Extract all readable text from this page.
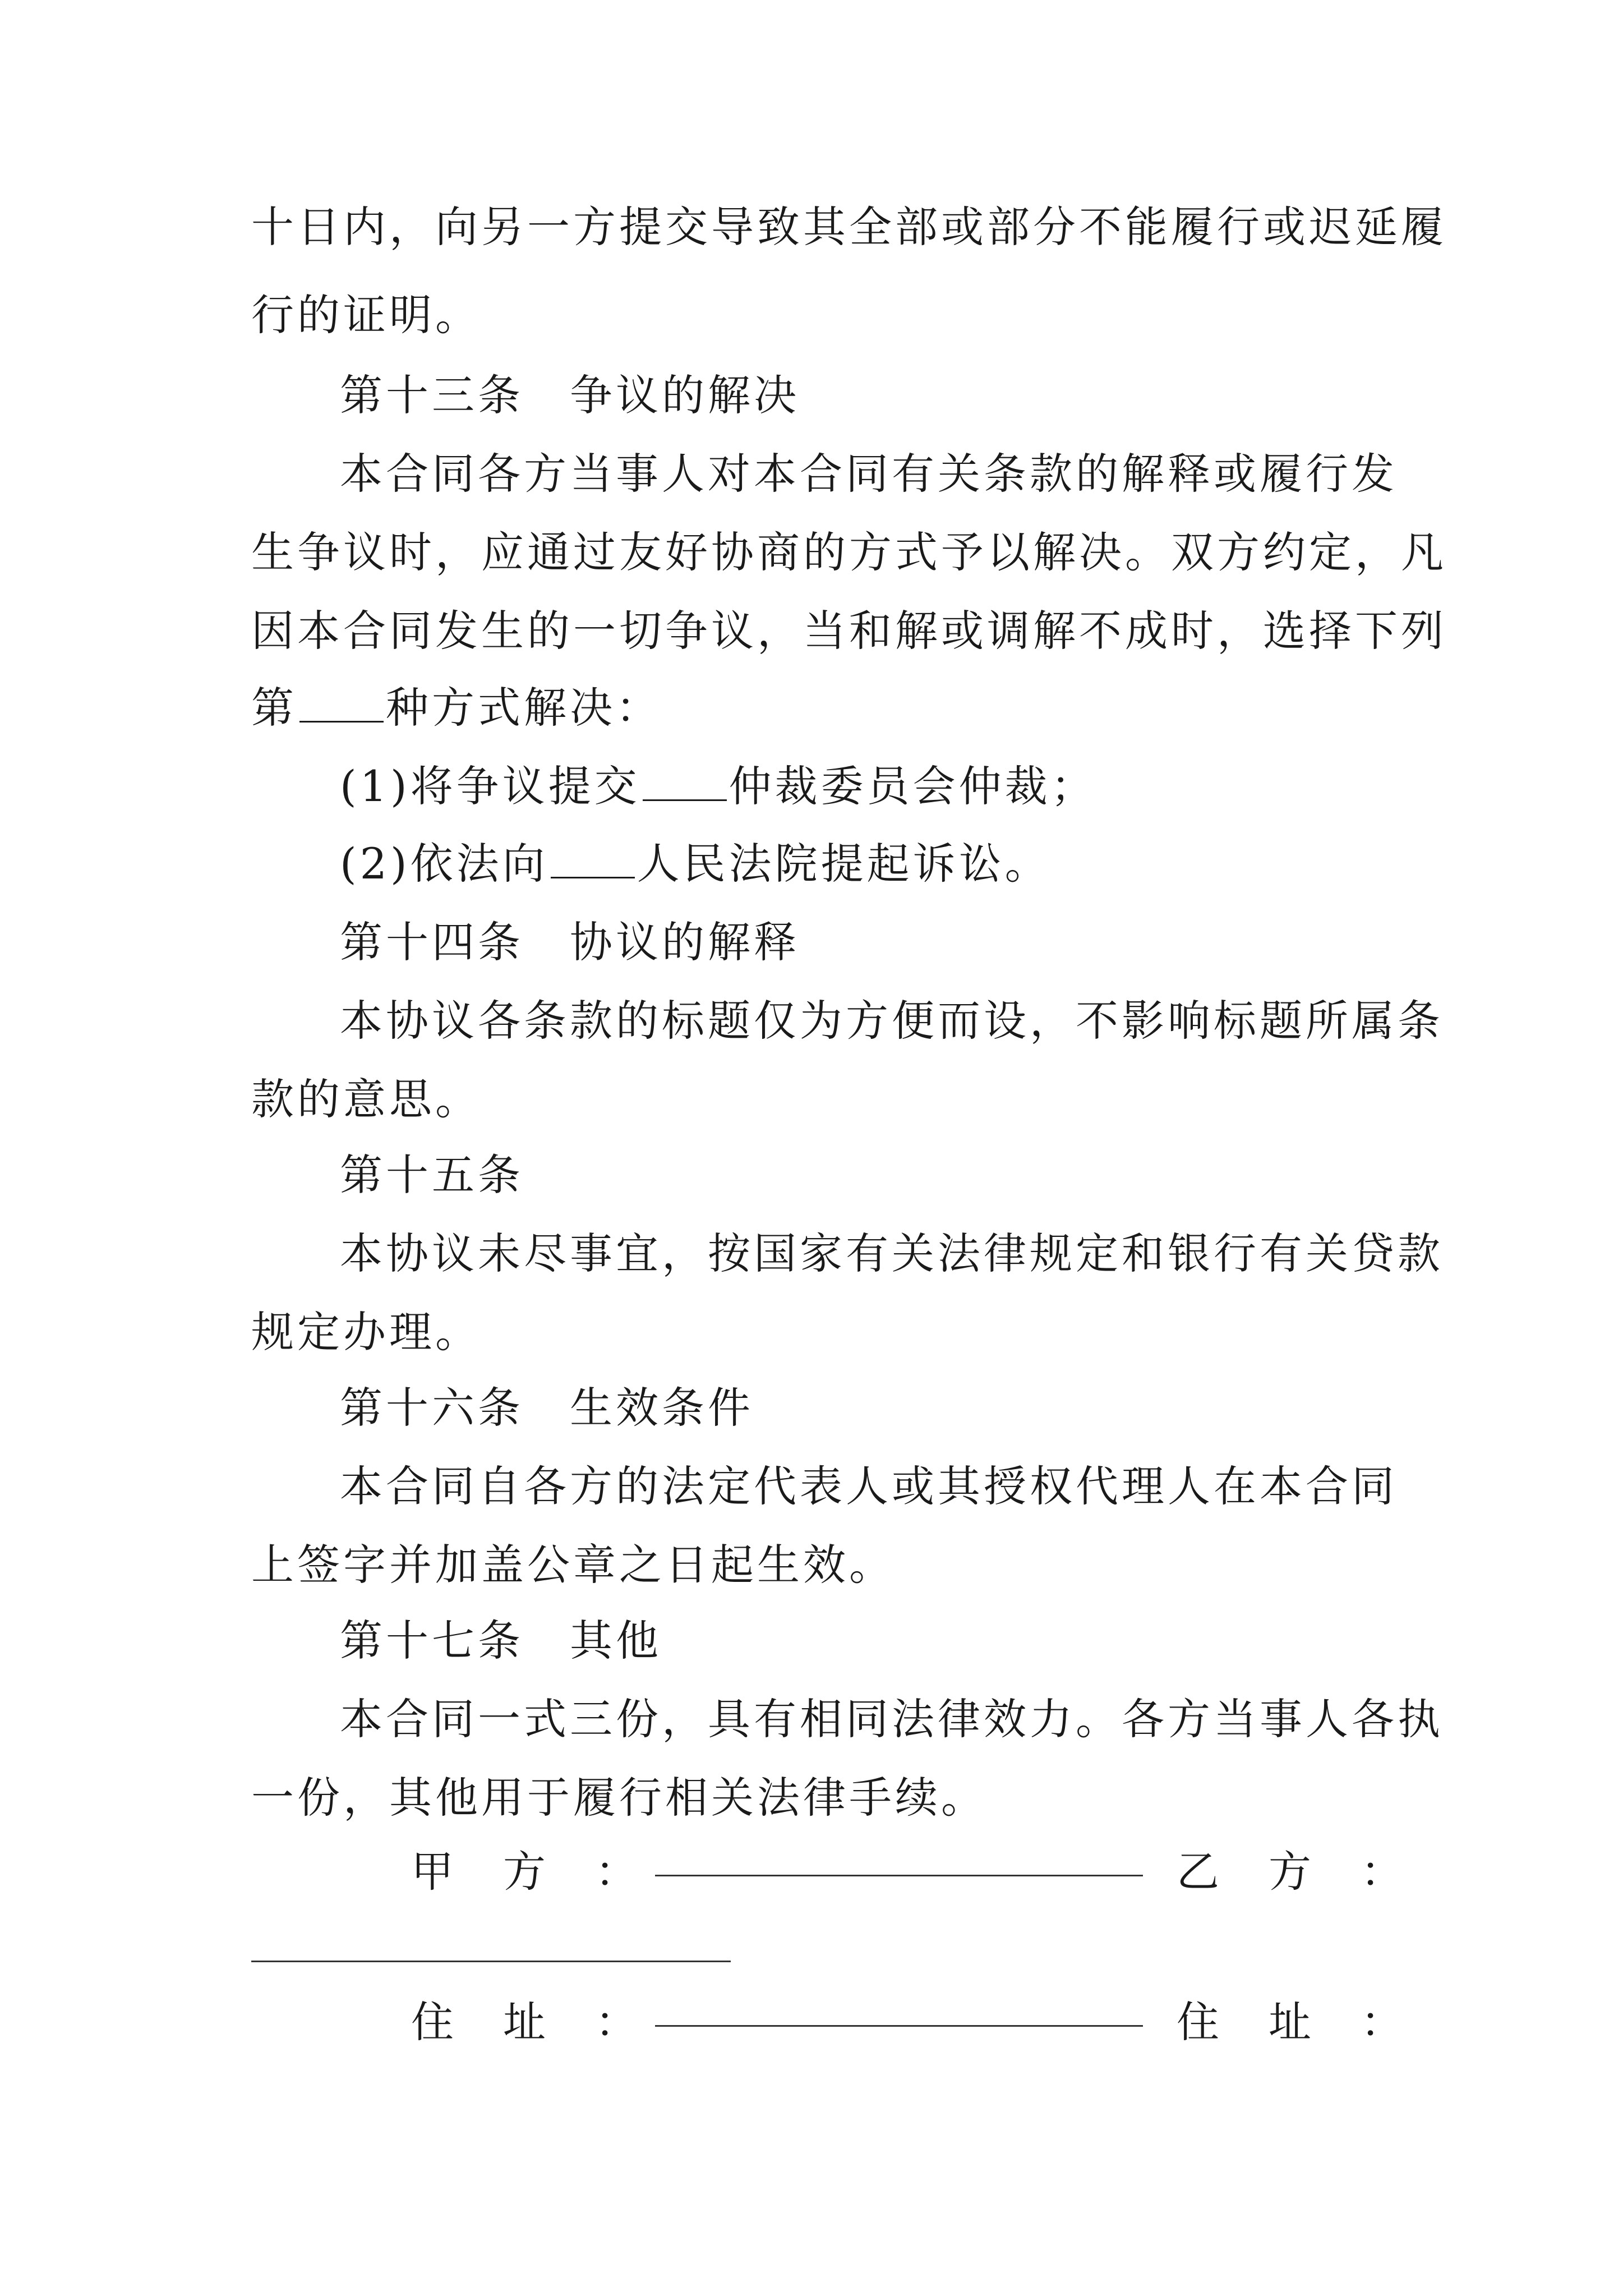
十日内，向另一方提交导致其全部或部分不能履行或迟延履
行的证明。
第十三条　争议的解决
本合同各方当事人对本合同有关条款的解释或履行发
生争议时，应通过友好协商的方式予以解决。双方约定，凡
因本合同发生的一切争议，当和解或调解不成时，选择下列
第 种方式解决：
(1)将争议提交 仲裁委员会仲裁；
(2)依法向 人民法院提起诉讼。
第十四条　协议的解释
本协议各条款的标题仅为方便而设，不影响标题所属条
款的意思。
第十五条
本协议未尽事宜，按国家有关法律规定和银行有关贷款
规定办理。
第十六条　生效条件
本合同自各方的法定代表人或其授权代理人在本合同
上签字并加盖公章之日起生效。
第十七条　其他
本合同一式三份，具有相同法律效力。各方当事人各执
一份，其他用于履行相关法律手续。
甲　方　：	乙　方　：
住　址　：	住　址　：
